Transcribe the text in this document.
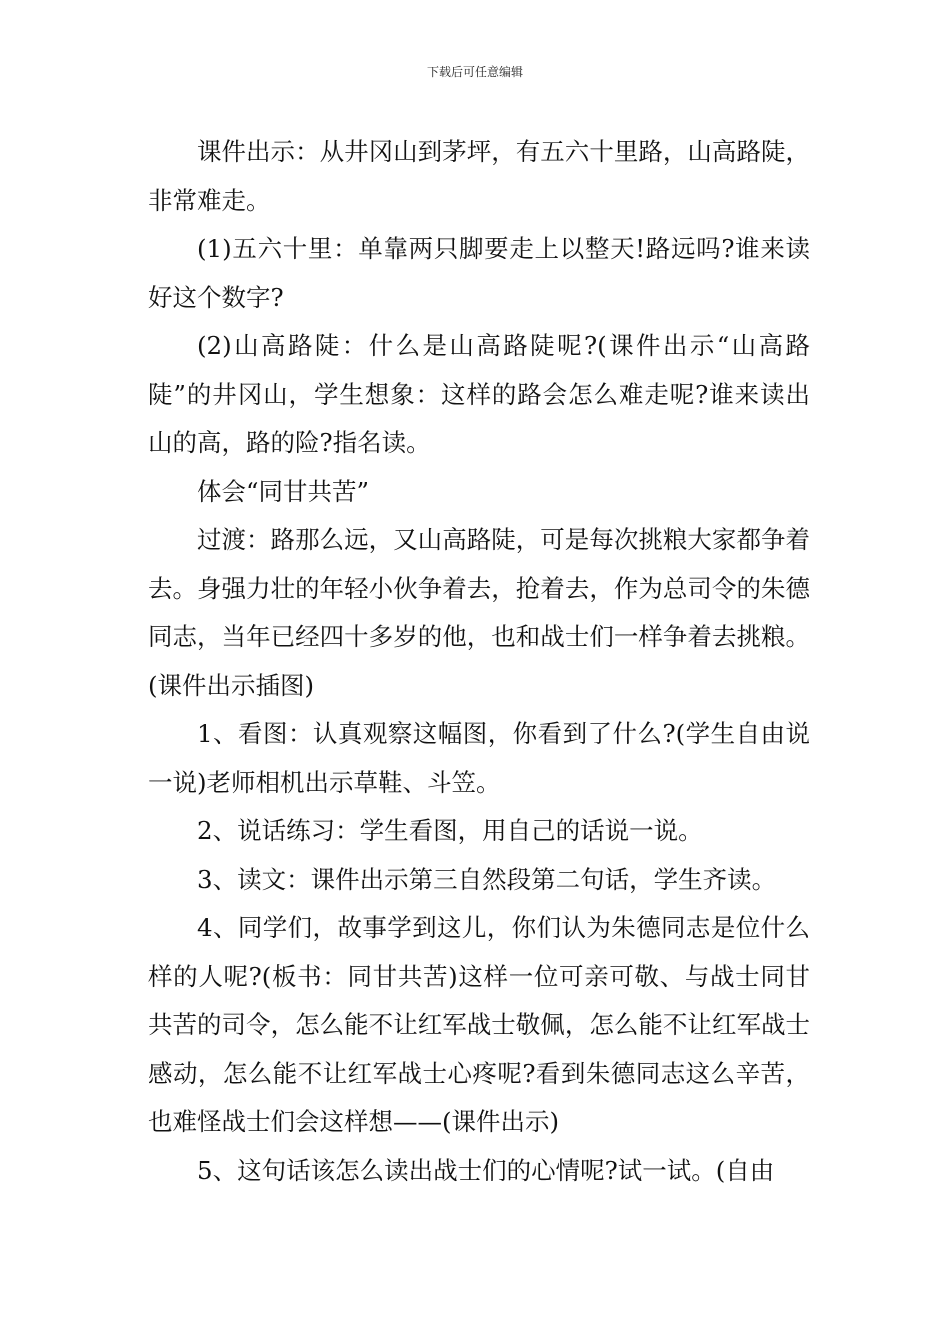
下载后可任意编辑

课件出示：从井冈山到茅坪，有五六十里路，山高路陡，非常难走。

(1)五六十里：单靠两只脚要走上以整天!路远吗?谁来读好这个数字?

(2)山高路陡：什么是山高路陡呢?(课件出示“山高路陡”的井冈山，学生想象：这样的路会怎么难走呢?谁来读出山的高，路的险?指名读。

体会“同甘共苦”

过渡：路那么远，又山高路陡，可是每次挑粮大家都争着去。身强力壮的年轻小伙争着去，抢着去，作为总司令的朱德同志，当年已经四十多岁的他，也和战士们一样争着去挑粮。(课件出示插图)

1、看图：认真观察这幅图，你看到了什么?(学生自由说一说)老师相机出示草鞋、斗笠。

2、说话练习：学生看图，用自己的话说一说。

3、读文：课件出示第三自然段第二句话，学生齐读。

4、同学们，故事学到这儿，你们认为朱德同志是位什么样的人呢?(板书：同甘共苦)这样一位可亲可敬、与战士同甘共苦的司令，怎么能不让红军战士敬佩，怎么能不让红军战士感动，怎么能不让红军战士心疼呢?看到朱德同志这么辛苦，也难怪战士们会这样想——(课件出示)

5、这句话该怎么读出战士们的心情呢?试一试。(自由
